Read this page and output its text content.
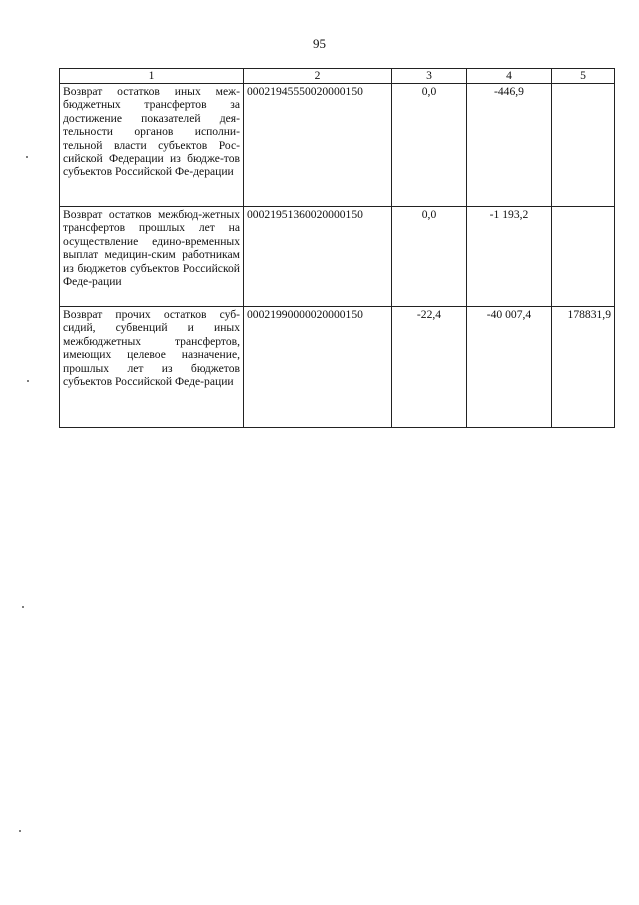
95
1	2	3	4	5
Возврат остатков иных меж-бюджетных трансфертов за достижение показателей дея-тельности органов исполни-тельной власти субъектов Рос-сийской Федерации из бюдже-тов субъектов Российской Фе-дерации	00021945550020000150	0,0	-446,9	
Возврат остатков межбюд-жетных трансфертов прошлых лет на осуществление едино-временных выплат медицин-ским работникам из бюджетов субъектов Российской Феде-рации	00021951360020000150	0,0	-1 193,2	
Возврат прочих остатков суб-сидий, субвенций и иных межбюджетных трансфертов, имеющих целевое назначение, прошлых лет из бюджетов субъектов Российской Феде-рации	00021990000020000150	-22,4	-40 007,4	178831,9
